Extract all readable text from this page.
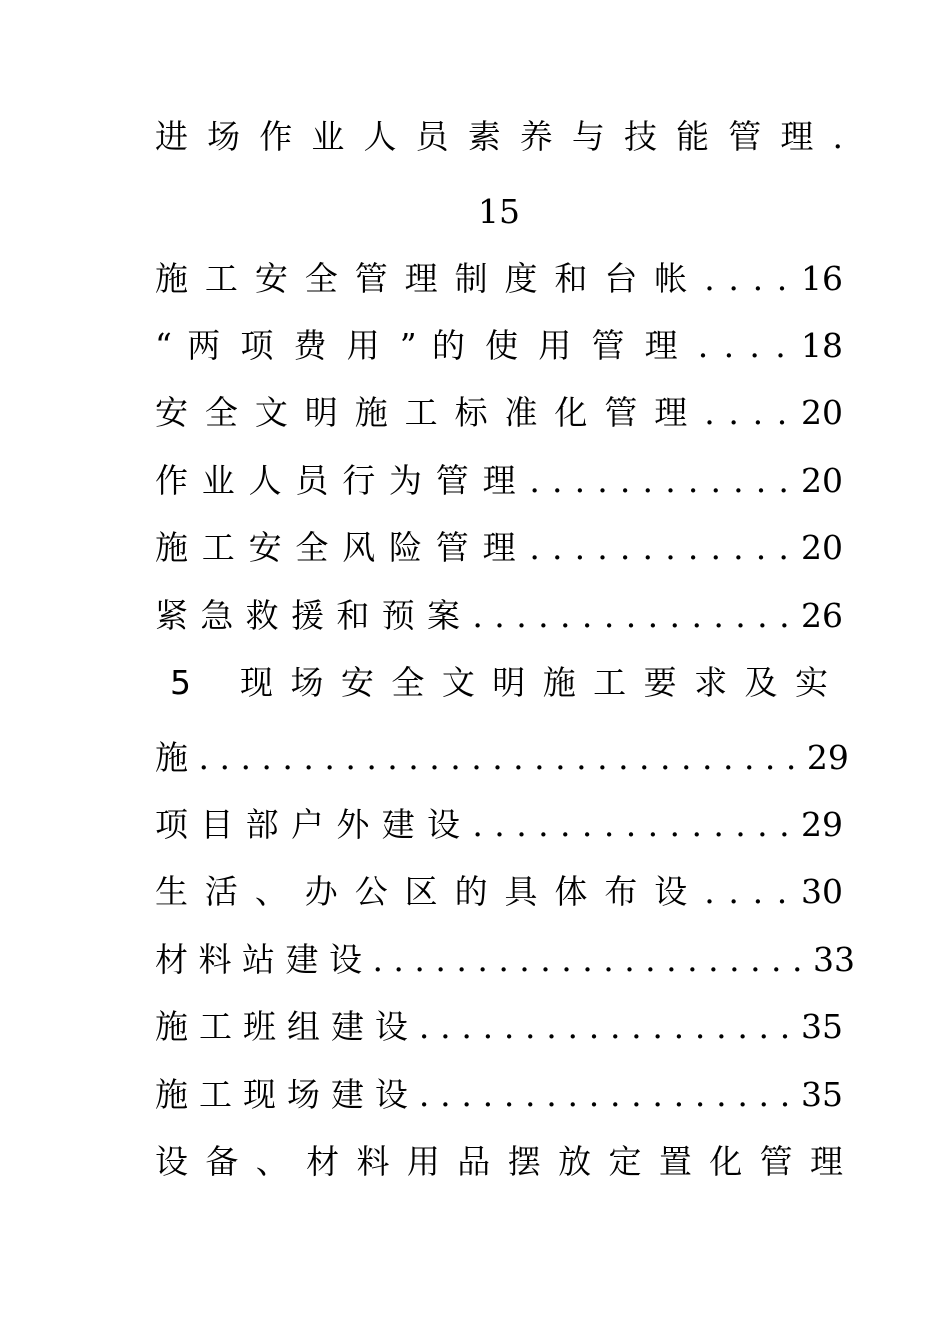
进 场 作 业 人 员 素 养 与 技 能 管 理 .
15
施 工 安 全 管 理 制 度 和 台 帐 . . . . 16
“ 两 项 费 用 ” 的 使 用 管 理 . . . . 18
安 全 文 明 施 工 标 准 化 管 理 . . . . 20
作 业 人 员 行 为 管 理 . . . . . . . . . . . . 20
施 工 安 全 风 险 管 理 . . . . . . . . . . . . 20
紧 急 救 援 和 预 案 . . . . . . . . . . . . . . . 26
5	现 场 安 全 文 明 施 工 要 求 及 实
施 . . . . . . . . . . . . . . . . . . . . . . . . . . . . . 29
项 目 部 户 外 建 设 . . . . . . . . . . . . . . . 29
生 活 、 办 公 区 的 具 体 布 设 . . . . 30
材 料 站 建 设 . . . . . . . . . . . . . . . . . . . . . 33
施 工 班 组 建 设 . . . . . . . . . . . . . . . . . . 35
施 工 现 场 建 设 . . . . . . . . . . . . . . . . . . 35
设 备 、 材 料 用 品 摆 放 定 置 化 管 理
